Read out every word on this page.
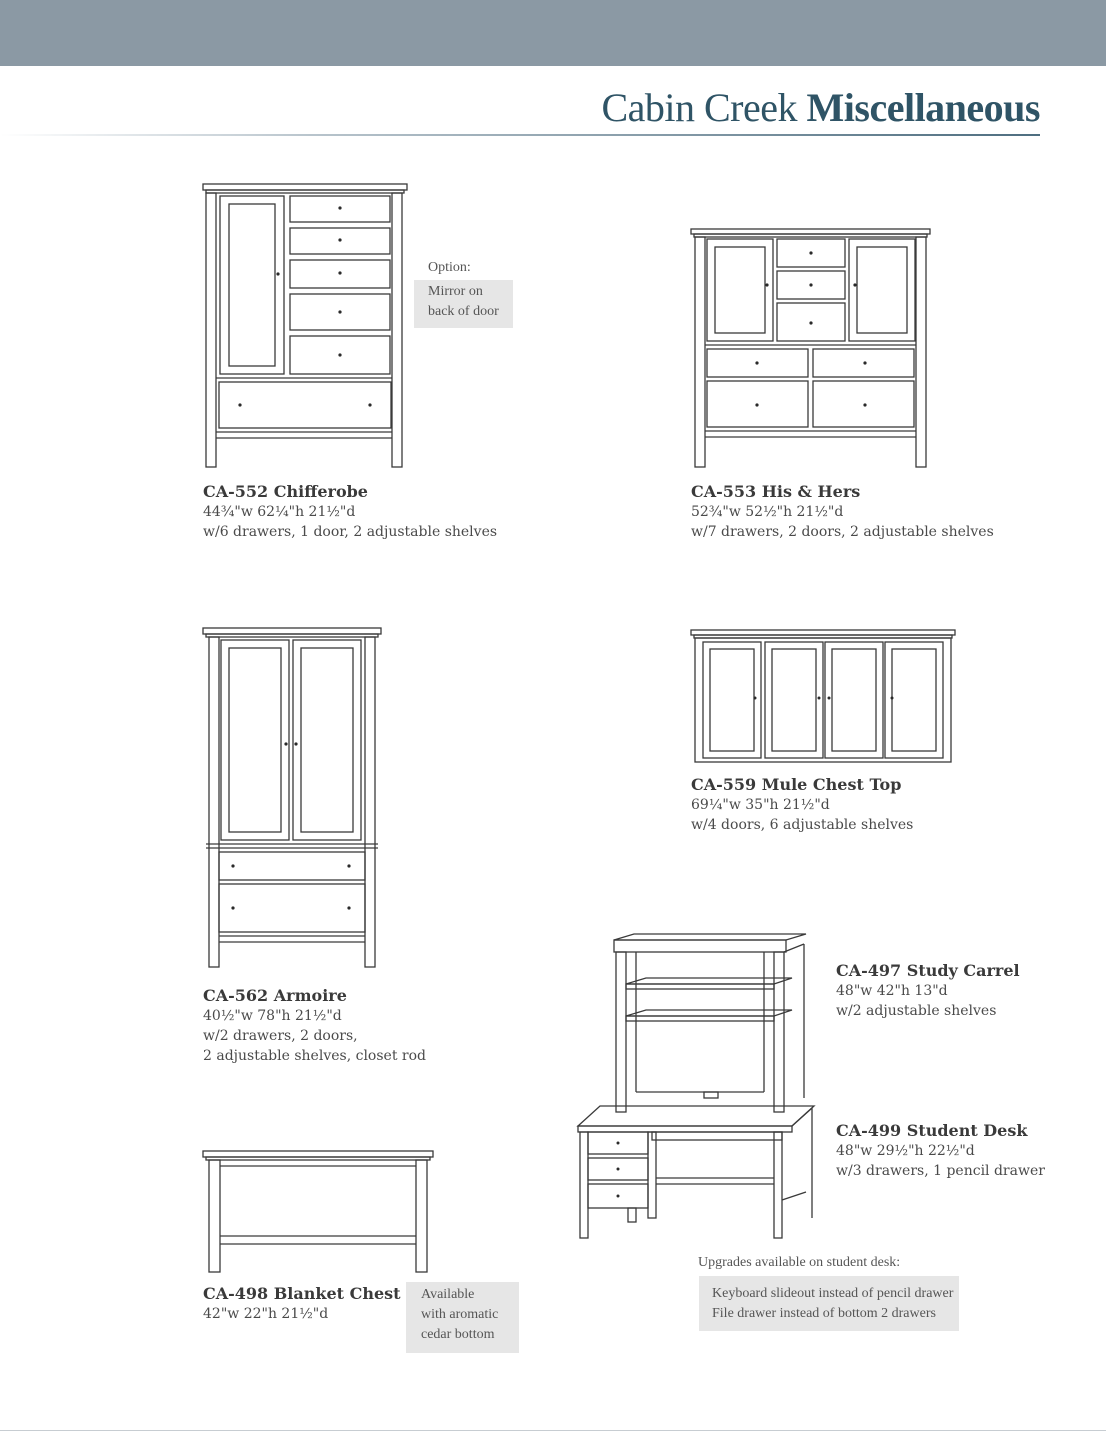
Cabin Creek Miscellaneous
Option:
Mirror on
back of door
CA-552 Chifferobe
44¾"w 62¼"h 21½"d
w/6 drawers, 1 door, 2 adjustable shelves
CA-553 His & Hers
52¾"w 52½"h 21½"d
w/7 drawers, 2 doors, 2 adjustable shelves
CA-562 Armoire
40½"w 78"h 21½"d
w/2 drawers, 2 doors,
2 adjustable shelves, closet rod
CA-559 Mule Chest Top
69¼"w 35"h 21½"d
w/4 doors, 6 adjustable shelves
CA-497 Study Carrel
48"w 42"h 13"d
w/2 adjustable shelves
CA-499 Student Desk
48"w 29½"h 22½"d
w/3 drawers, 1 pencil drawer
Upgrades available on student desk:
Keyboard slideout instead of pencil drawer
File drawer instead of bottom 2 drawers
CA-498 Blanket Chest
42"w 22"h 21½"d
Available
with aromatic
cedar bottom
